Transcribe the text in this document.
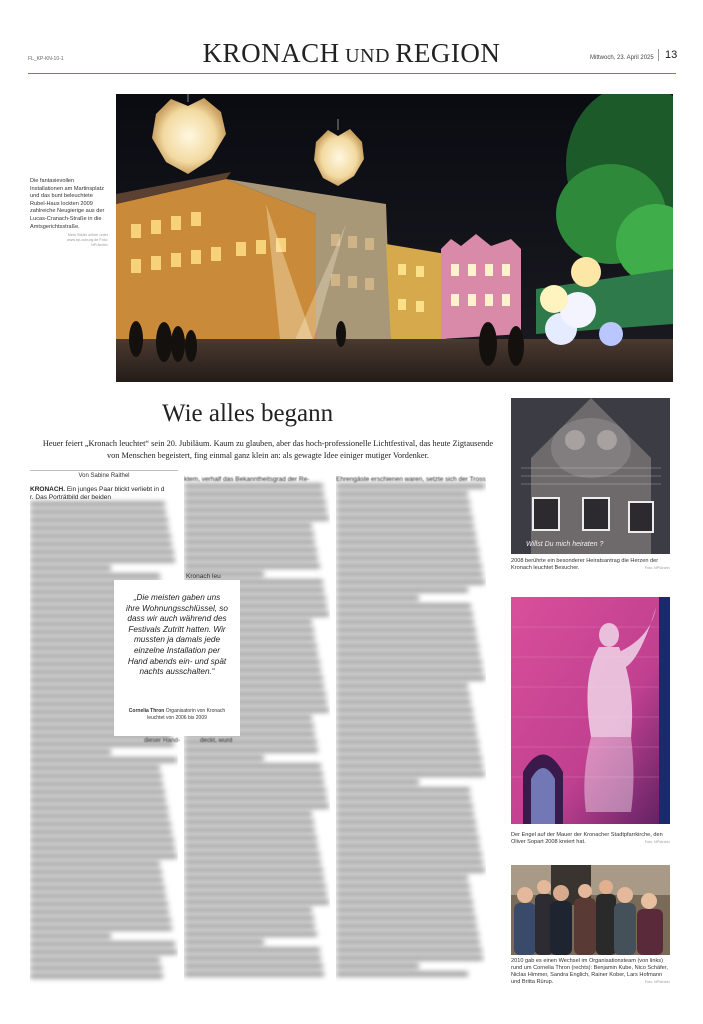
FL_KP-KN-10-1	KRONACH UND REGION	Mittwoch, 23. April 2025	13
Die fantasievollen Installationen am Martinsplatz und das bunt beleuchtete Rubel-Haus lockten 2009 zahlreiche Neugierige aus der Lucas-Cranach-Straße in die Amtsgerichtsstraße.
Mehr Bilder online unter www.np-coburg.de Foto: NP/Archiv
Wie alles begann
Heuer feiert „Kronach leuchtet“ sein 20. Jubiläum. Kaum zu glauben, aber das hoch-professionelle Lichtfestival, das heute Zigtausende von Menschen begeistert, fing einmal ganz klein an: als gewagte Idee einiger mutiger Vordenker.
Von Sabine Raithel
KRONACH. Ein junges Paar blickt verliebt in d
r. Das Porträtbild der beiden
ktem, verhalf das Bekanntheitsgrad der Re-
Kronach leu
Ehrengäste erschienen waren, setzte sich der Tross
„Die meisten gaben uns ihre Wohnungsschlüssel, so dass wir auch während des Festivals Zutritt hatten. Wir mussten ja damals jede einzelne Installation per Hand abends ein- und spät nachts ausschalten.“
Cornelia Thron Organisatorin von Kronach leuchtet von 2006 bis 2009
dieser Hand-	deckt, wurd
Willst Du mich heiraten ?
2008 berührte ein besonderer Heiratsantrag die Herzen der Kronach leuchtet Besucher.	Foto: NP/Archiv
Der Engel auf der Mauer der Kronacher Stadtpfarrkirche, den Oliver Sopart 2008 kreiert hat.	Foto: NP/Archiv
2010 gab es einen Wechsel im Organisationsteam (von links) rund um Cornelia Thron (rechts): Benjamin Kube, Nico Schäfer, Niclas Himmer, Sandra Englich, Rainer Kober, Lars Hofmann und Britta Rürup.	Foto: NP/Archiv
